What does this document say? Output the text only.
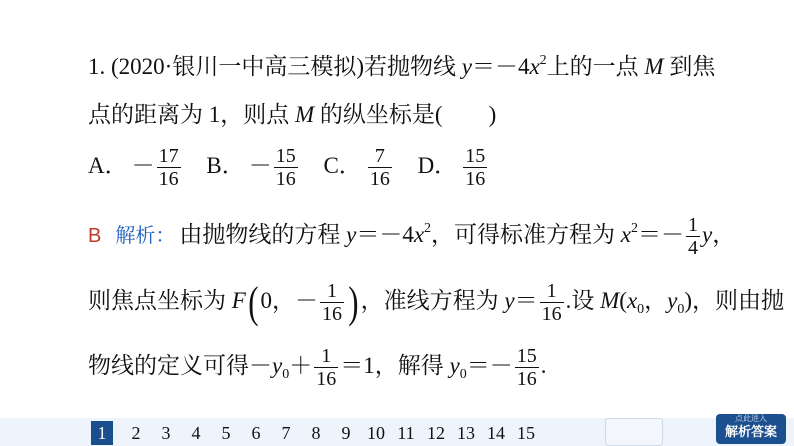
1. (2020·银川一中高三模拟)若抛物线 $y=-4x^2$上的一点 M 到焦
点的距离为 1，则点 M 的纵坐标是(　　)
A． － $\frac{17}{16}$ B． － $\frac{15}{16}$ C． $\frac{7}{16}$ D． $\frac{15}{16}$
B 解析： 由抛物线的方程 $y=-4x^2$，可得标准方程为 $x^2=- \frac{1}{4}$ y，
则焦点坐标为 F(0，－ $\frac{1}{16}$ )，准线方程为 $y= \frac{1}{16}$ .设 $M(x_0$，$y_0$)，则由抛
物线的定义可得$-y_0+ \frac{1}{16} =1$，解得 $y_0=- \frac{15}{16}$ .
1	2	3	4	5	6	7	8	9 10 11 12 13 14 15
点此进入
解析答案
